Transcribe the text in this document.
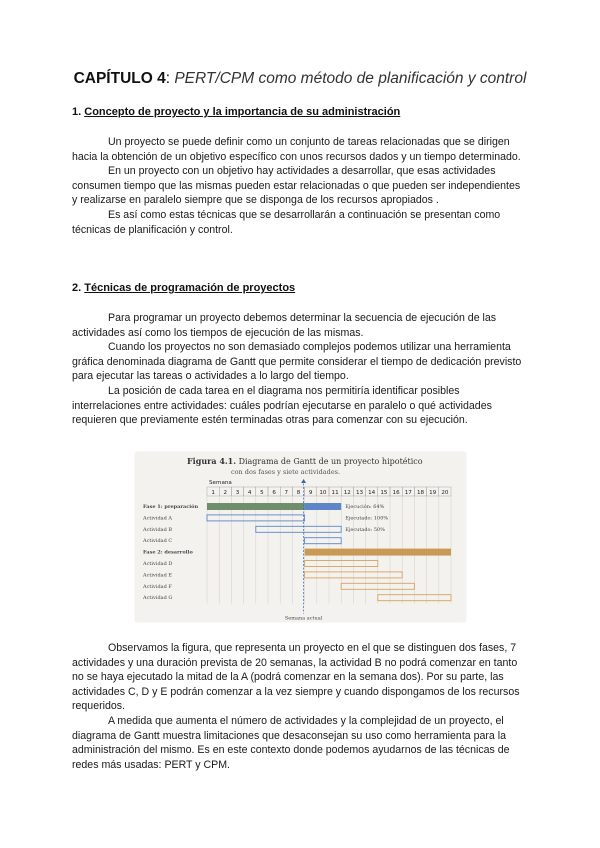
CAPÍTULO 4: PERT/CPM como método de planificación y control
1. Concepto de proyecto y la importancia de su administración

Un proyecto se puede definir como un conjunto de tareas relacionadas que se dirigen hacia la obtención de un objetivo específico con unos recursos dados y un tiempo determinado.

En un proyecto con un objetivo hay actividades a desarrollar, que esas actividades consumen tiempo que las mismas pueden estar relacionadas o que pueden ser independientes y realizarse en paralelo siempre que se disponga de los recursos apropiados .

Es así como estas técnicas que se desarrollarán a continuación se presentan como técnicas de planificación y control.

2. Técnicas de programación de proyectos

Para programar un proyecto debemos determinar la secuencia de ejecución de las actividades así como los tiempos de ejecución de las mismas.

Cuando los proyectos no son demasiado complejos podemos utilizar una herramienta gráfica denominada diagrama de Gantt que permite considerar el tiempo de dedicación previsto para ejecutar las tareas o actividades a lo largo del tiempo.

La posición de cada tarea en el diagrama nos permitiría identificar posibles interrelaciones entre actividades: cuáles podrían ejecutarse en paralelo o qué actividades requieren que previamente estén terminadas otras para comenzar con su ejecución.

Figura 4.1. Diagrama de Gantt de un proyecto hipotético
con dos fases y siete actividades.
Semana
1 2 3 4 5 6 7 8 9 10 11 12 13 14 15 16 17 18 19 20
Fase 1: preparación	Ejecución: 64%
Actividad A	Ejecutado: 100%
Actividad B	Ejecutado: 50%
Actividad C
Fase 2: desarrollo
Actividad D
Actividad E
Actividad F
Actividad G
Semana actual

Observamos la figura, que representa un proyecto en el que se distinguen dos fases, 7 actividades y una duración prevista de 20 semanas, la actividad B no podrá comenzar en tanto no se haya ejecutado la mitad de la A (podrá comenzar en la semana dos). Por su parte, las actividades C, D y E podrán comenzar a la vez siempre y cuando dispongamos de los recursos requeridos.

A medida que aumenta el número de actividades y la complejidad de un proyecto, el diagrama de Gantt muestra limitaciones que desaconsejan su uso como herramienta para la administración del mismo. Es en este contexto donde podemos ayudarnos de las técnicas de redes más usadas: PERT y CPM.
